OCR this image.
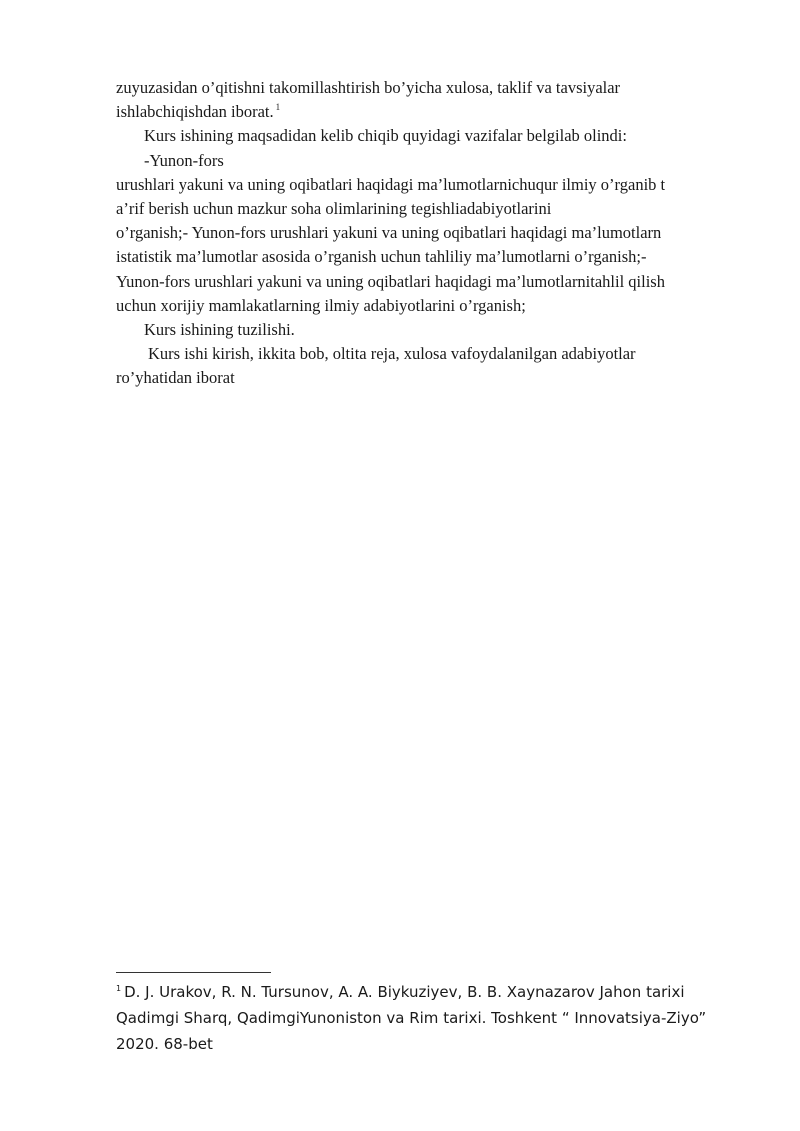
zuyuzasidan o’qitishni takomillashtirish bo’yicha xulosa, taklif va tavsiyalar
ishlabchiqishdan iborat. $^1$
Kurs ishining maqsadidan kelib chiqib quyidagi vazifalar belgilab olindi:
-Yunon-fors
urushlari yakuni va uning oqibatlari haqidagi ma’lumotlarnichuqur ilmiy o’rganib t
a’rif berish uchun mazkur soha olimlarining tegishliadabiyotlarini
o’rganish;- Yunon-fors urushlari yakuni va uning oqibatlari haqidagi ma’lumotlarn
istatistik ma’lumotlar asosida o’rganish uchun tahliliy ma’lumotlarni o’rganish;-
Yunon-fors urushlari yakuni va uning oqibatlari haqidagi ma’lumotlarnitahlil qilish
uchun xorijiy mamlakatlarning ilmiy adabiyotlarini o’rganish;
Kurs ishining tuzilishi.
Kurs ishi kirish, ikkita bob, oltita reja, xulosa vafoydalanilgan adabiyotlar
ro’yhatidan iborat
$^1$ D. J. Urakov, R. N. Tursunov, A. A. Biykuziyev, B. B. Xaynazarov Jahon tarixi
Qadimgi Sharq, QadimgiYunoniston va Rim tarixi. Toshkent “ Innovatsiya-Ziyo”
2020. 68-bet
